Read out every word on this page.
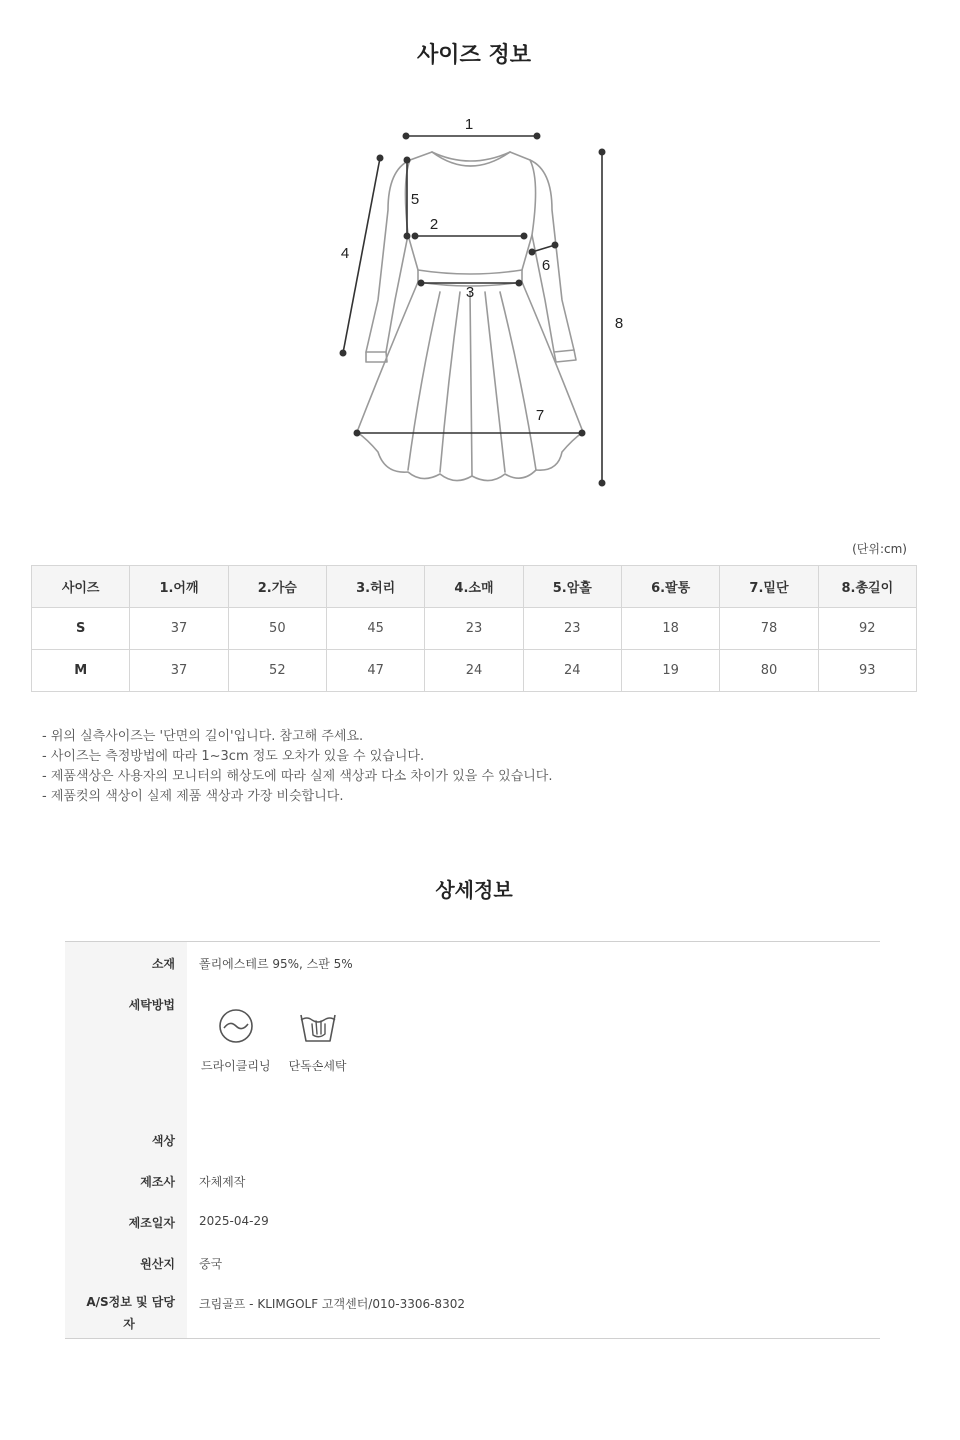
사이즈 정보
1
2
3
4
5
6
7
8
(단위:cm)
사이즈	1.어깨	2.가슴	3.허리	4.소매	5.암홀	6.팔통	7.밑단	8.총길이
S	37	50	45	23	23	18	78	92
M	37	52	47	24	24	19	80	93
- 위의 실측사이즈는 '단면의 길이'입니다. 참고해 주세요.
- 사이즈는 측정방법에 따라 1~3cm 정도 오차가 있을 수 있습니다.
- 제품색상은 사용자의 모니터의 해상도에 따라 실제 색상과 다소 차이가 있을 수 있습니다.
- 제품컷의 색상이 실제 제품 색상과 가장 비슷합니다.
상세정보
소재	폴리에스테르 95%, 스판 5%
세탁방법	드라이클리닝 단독손세탁

색상	
제조사	자체제작
제조일자	2025-04-29
원산지	중국

A/S정보 및 담당
자	크림골프 - KLIMGOLF 고객센터/010-3306-8302
